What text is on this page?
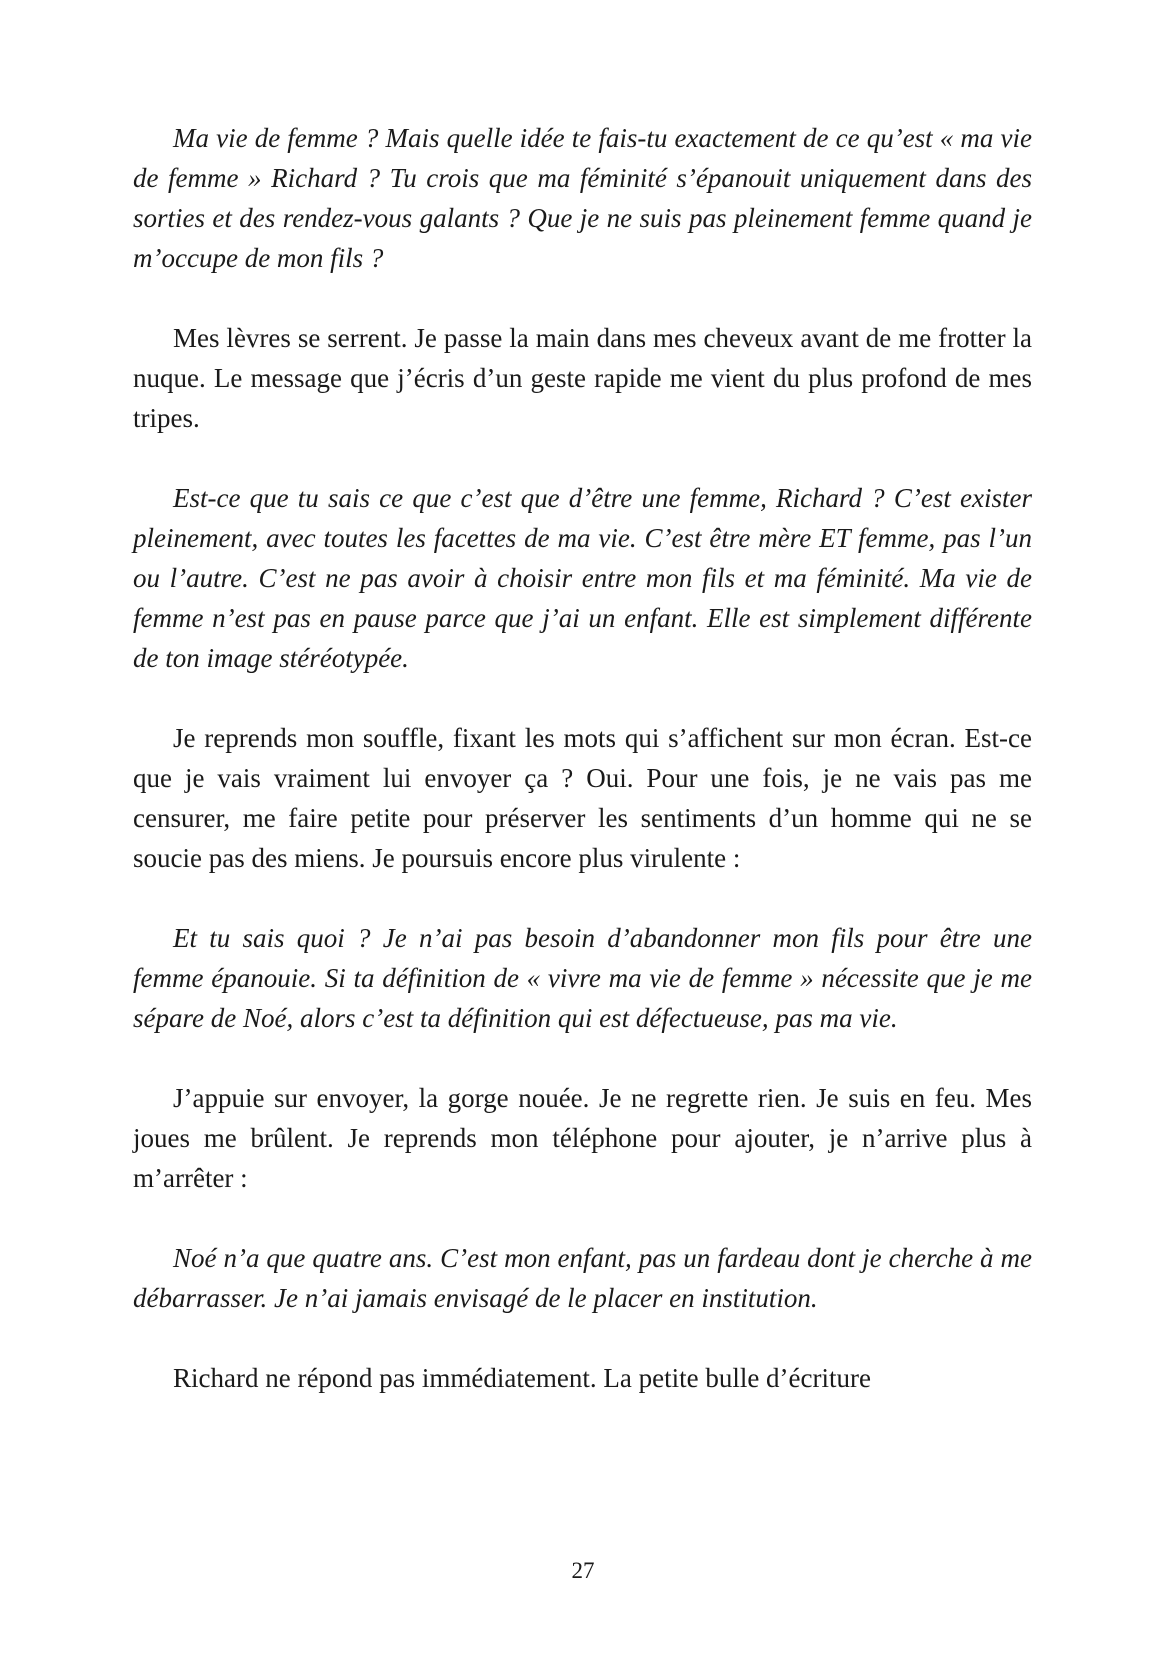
Ma vie de femme ? Mais quelle idée te fais-tu exactement de ce qu’est « ma vie de femme » Richard ? Tu crois que ma féminité s’épanouit uniquement dans des sorties et des rendez-vous galants ? Que je ne suis pas pleinement femme quand je m’occupe de mon fils ?

Mes lèvres se serrent. Je passe la main dans mes cheveux avant de me frotter la nuque. Le message que j’écris d’un geste rapide me vient du plus profond de mes tripes.

Est-ce que tu sais ce que c’est que d’être une femme, Richard ? C’est exister pleinement, avec toutes les facettes de ma vie. C’est être mère ET femme, pas l’un ou l’autre. C’est ne pas avoir à choisir entre mon fils et ma féminité. Ma vie de femme n’est pas en pause parce que j’ai un enfant. Elle est simplement différente de ton image stéréotypée.

Je reprends mon souffle, fixant les mots qui s’affichent sur mon écran. Est-ce que je vais vraiment lui envoyer ça ? Oui. Pour une fois, je ne vais pas me censurer, me faire petite pour préserver les sentiments d’un homme qui ne se soucie pas des miens. Je poursuis encore plus virulente :

Et tu sais quoi ? Je n’ai pas besoin d’abandonner mon fils pour être une femme épanouie. Si ta définition de « vivre ma vie de femme » nécessite que je me sépare de Noé, alors c’est ta définition qui est défectueuse, pas ma vie.

J’appuie sur envoyer, la gorge nouée. Je ne regrette rien. Je suis en feu. Mes joues me brûlent. Je reprends mon téléphone pour ajouter, je n’arrive plus à m’arrêter :

Noé n’a que quatre ans. C’est mon enfant, pas un fardeau dont je cherche à me débarrasser. Je n’ai jamais envisagé de le placer en institution.

Richard ne répond pas immédiatement. La petite bulle d’écriture

27
